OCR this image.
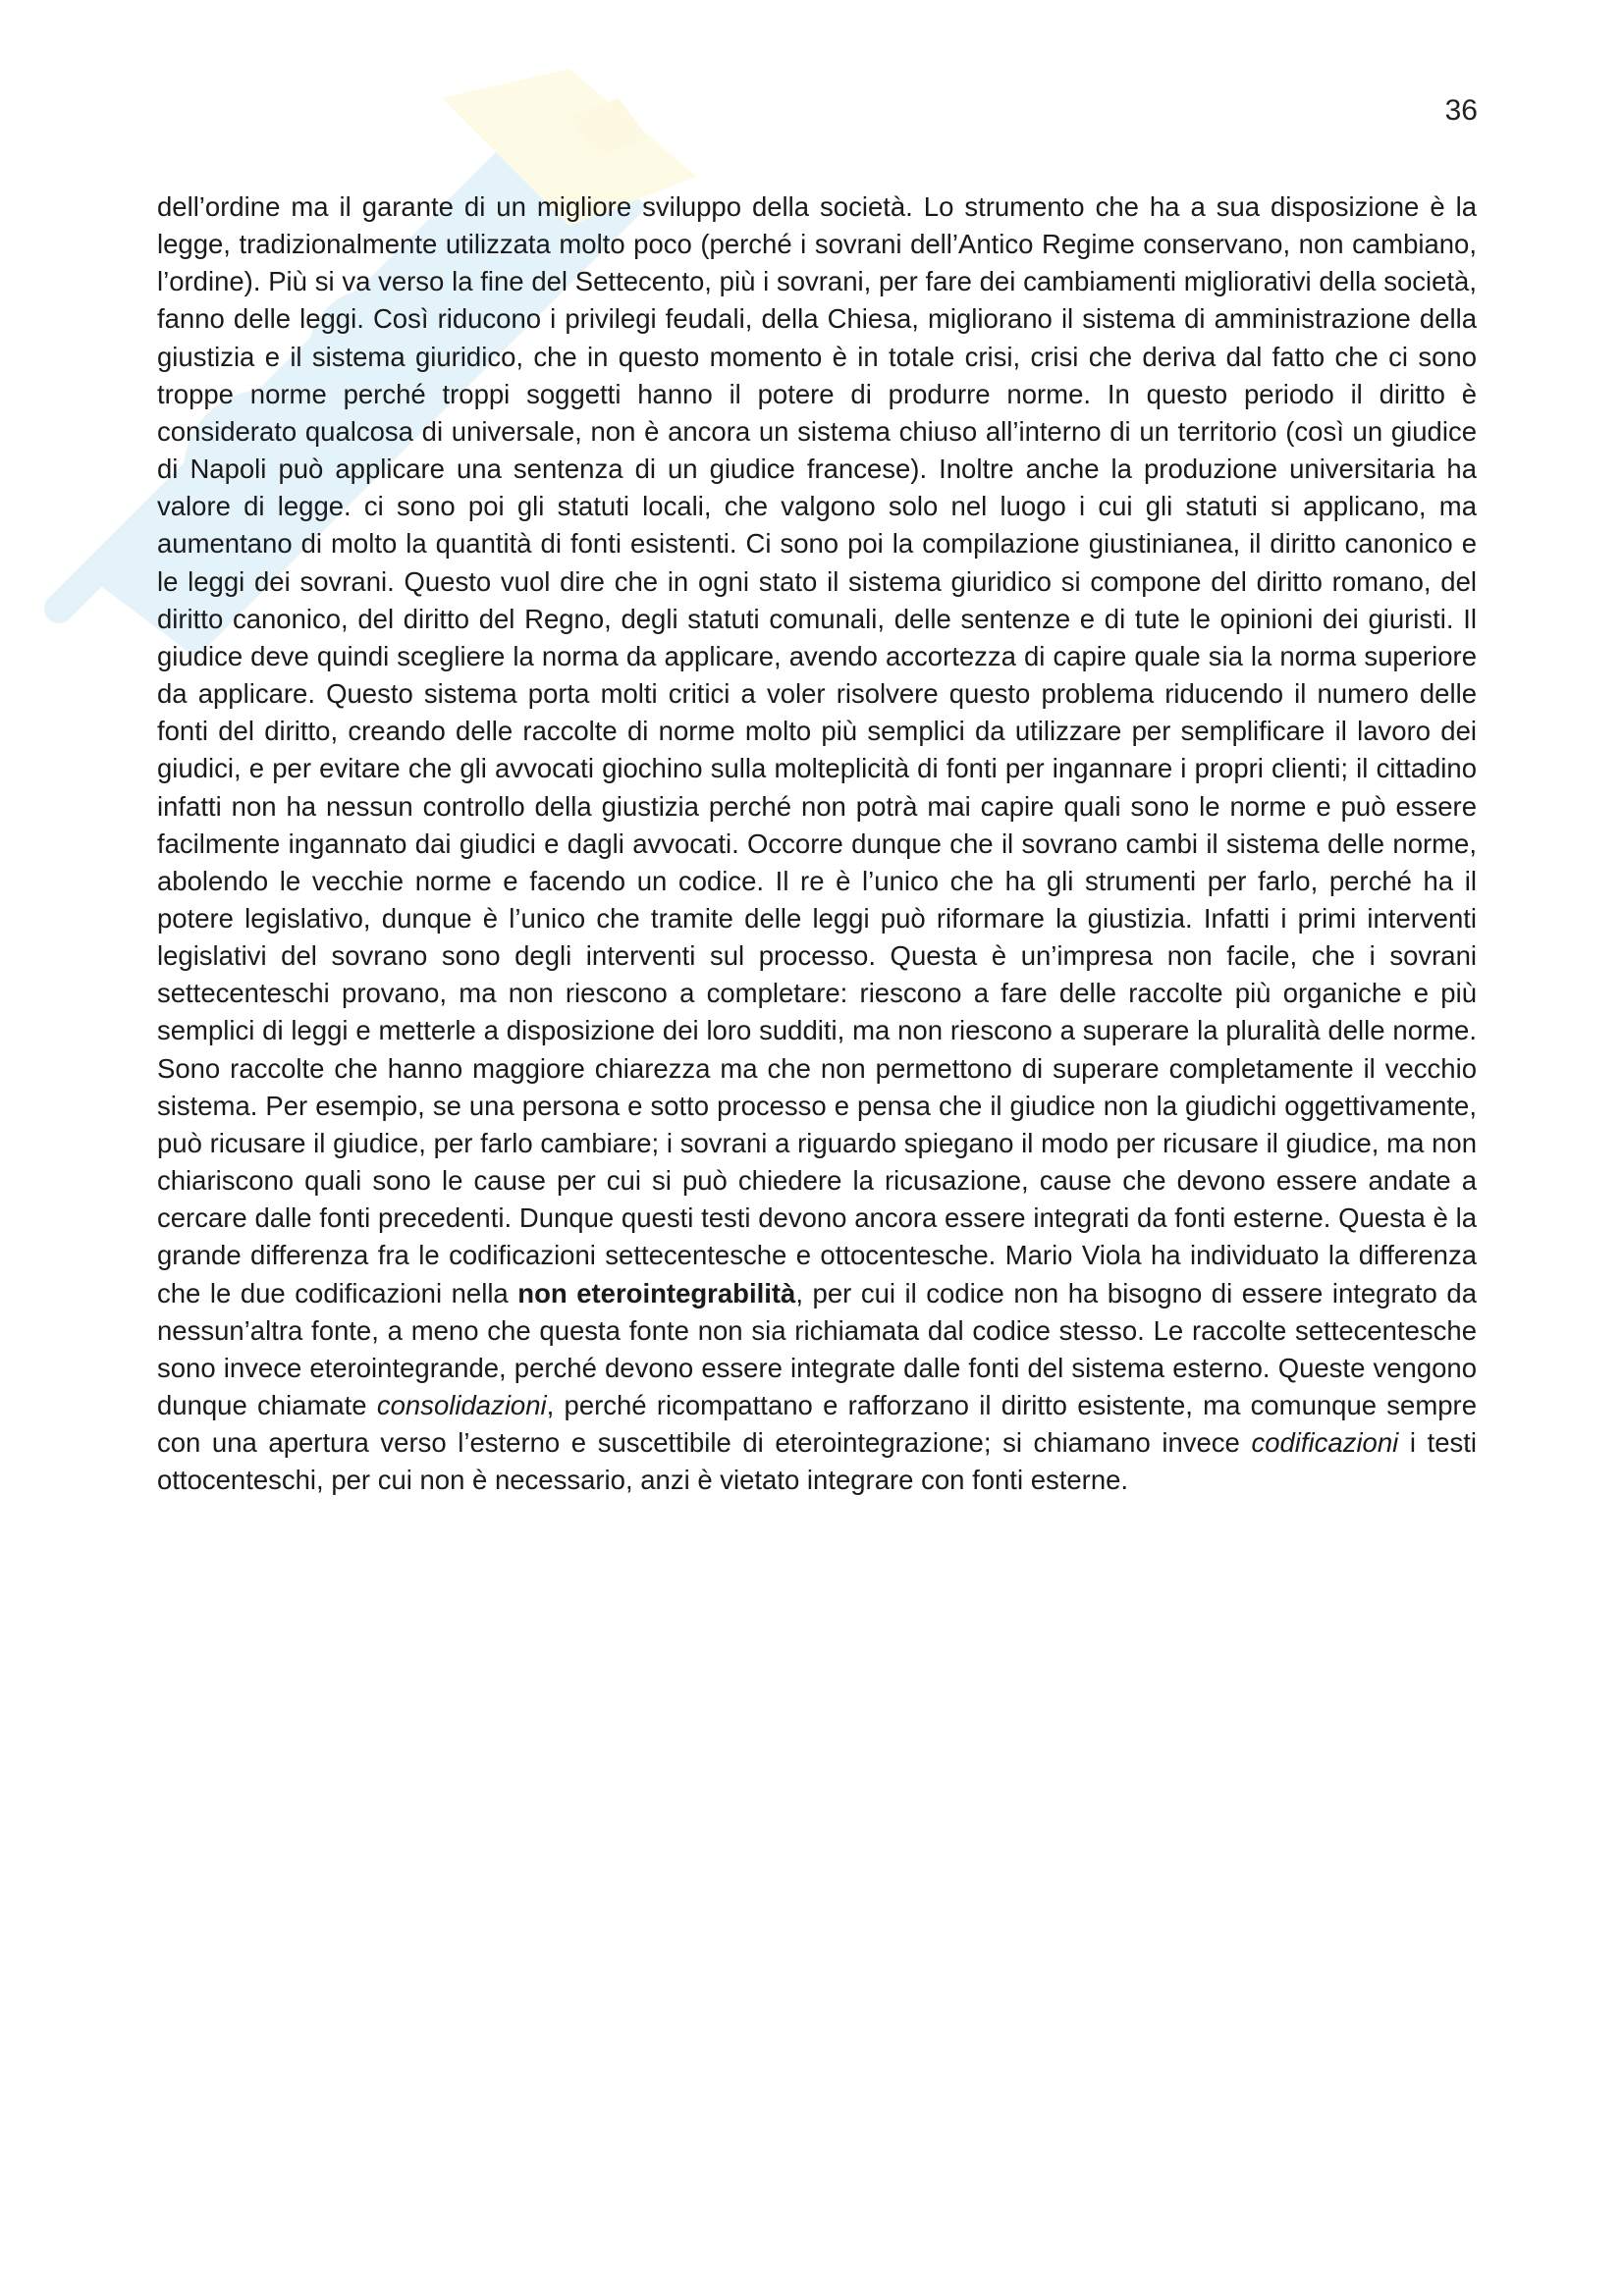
36

dell’ordine ma il garante di un migliore sviluppo della società. Lo strumento che ha a sua disposizione è la legge, tradizionalmente utilizzata molto poco (perché i sovrani dell’Antico Regime conservano, non cambiano, l’ordine). Più si va verso la fine del Settecento, più i sovrani, per fare dei cambiamenti migliorativi della società, fanno delle leggi. Così riducono i privilegi feudali, della Chiesa, migliorano il sistema di amministrazione della giustizia e il sistema giuridico, che in questo momento è in totale crisi, crisi che deriva dal fatto che ci sono troppe norme perché troppi soggetti hanno il potere di produrre norme. In questo periodo il diritto è considerato qualcosa di universale, non è ancora un sistema chiuso all’interno di un territorio (così un giudice di Napoli può applicare una sentenza di un giudice francese). Inoltre anche la produzione universitaria ha valore di legge. ci sono poi gli statuti locali, che valgono solo nel luogo i cui gli statuti si applicano, ma aumentano di molto la quantità di fonti esistenti. Ci sono poi la compilazione giustinianea, il diritto canonico e le leggi dei sovrani. Questo vuol dire che in ogni stato il sistema giuridico si compone del diritto romano, del diritto canonico, del diritto del Regno, degli statuti comunali, delle sentenze e di tute le opinioni dei giuristi. Il giudice deve quindi scegliere la norma da applicare, avendo accortezza di capire quale sia la norma superiore da applicare. Questo sistema porta molti critici a voler risolvere questo problema riducendo il numero delle fonti del diritto, creando delle raccolte di norme molto più semplici da utilizzare per semplificare il lavoro dei giudici, e per evitare che gli avvocati giochino sulla molteplicità di fonti per ingannare i propri clienti; il cittadino infatti non ha nessun controllo della giustizia perché non potrà mai capire quali sono le norme e può essere facilmente ingannato dai giudici e dagli avvocati. Occorre dunque che il sovrano cambi il sistema delle norme, abolendo le vecchie norme e facendo un codice. Il re è l’unico che ha gli strumenti per farlo, perché ha il potere legislativo, dunque è l’unico che tramite delle leggi può riformare la giustizia. Infatti i primi interventi legislativi del sovrano sono degli interventi sul processo. Questa è un’impresa non facile, che i sovrani settecenteschi provano, ma non riescono a completare: riescono a fare delle raccolte più organiche e più semplici di leggi e metterle a disposizione dei loro sudditi, ma non riescono a superare la pluralità delle norme. Sono raccolte che hanno maggiore chiarezza ma che non permettono di superare completamente il vecchio sistema. Per esempio, se una persona e sotto processo e pensa che il giudice non la giudichi oggettivamente, può ricusare il giudice, per farlo cambiare; i sovrani a riguardo spiegano il modo per ricusare il giudice, ma non chiariscono quali sono le cause per cui si può chiedere la ricusazione, cause che devono essere andate a cercare dalle fonti precedenti. Dunque questi testi devono ancora essere integrati da fonti esterne. Questa è la grande differenza fra le codificazioni settecentesche e ottocentesche. Mario Viola ha individuato la differenza che le due codificazioni nella non eterointegrabilità, per cui il codice non ha bisogno di essere integrato da nessun’altra fonte, a meno che questa fonte non sia richiamata dal codice stesso. Le raccolte settecentesche sono invece eterointegrande, perché devono essere integrate dalle fonti del sistema esterno. Queste vengono dunque chiamate consolidazioni, perché ricompattano e rafforzano il diritto esistente, ma comunque sempre con una apertura verso l’esterno e suscettibile di eterointegrazione; si chiamano invece codificazioni i testi ottocenteschi, per cui non è necessario, anzi è vietato integrare con fonti esterne.
